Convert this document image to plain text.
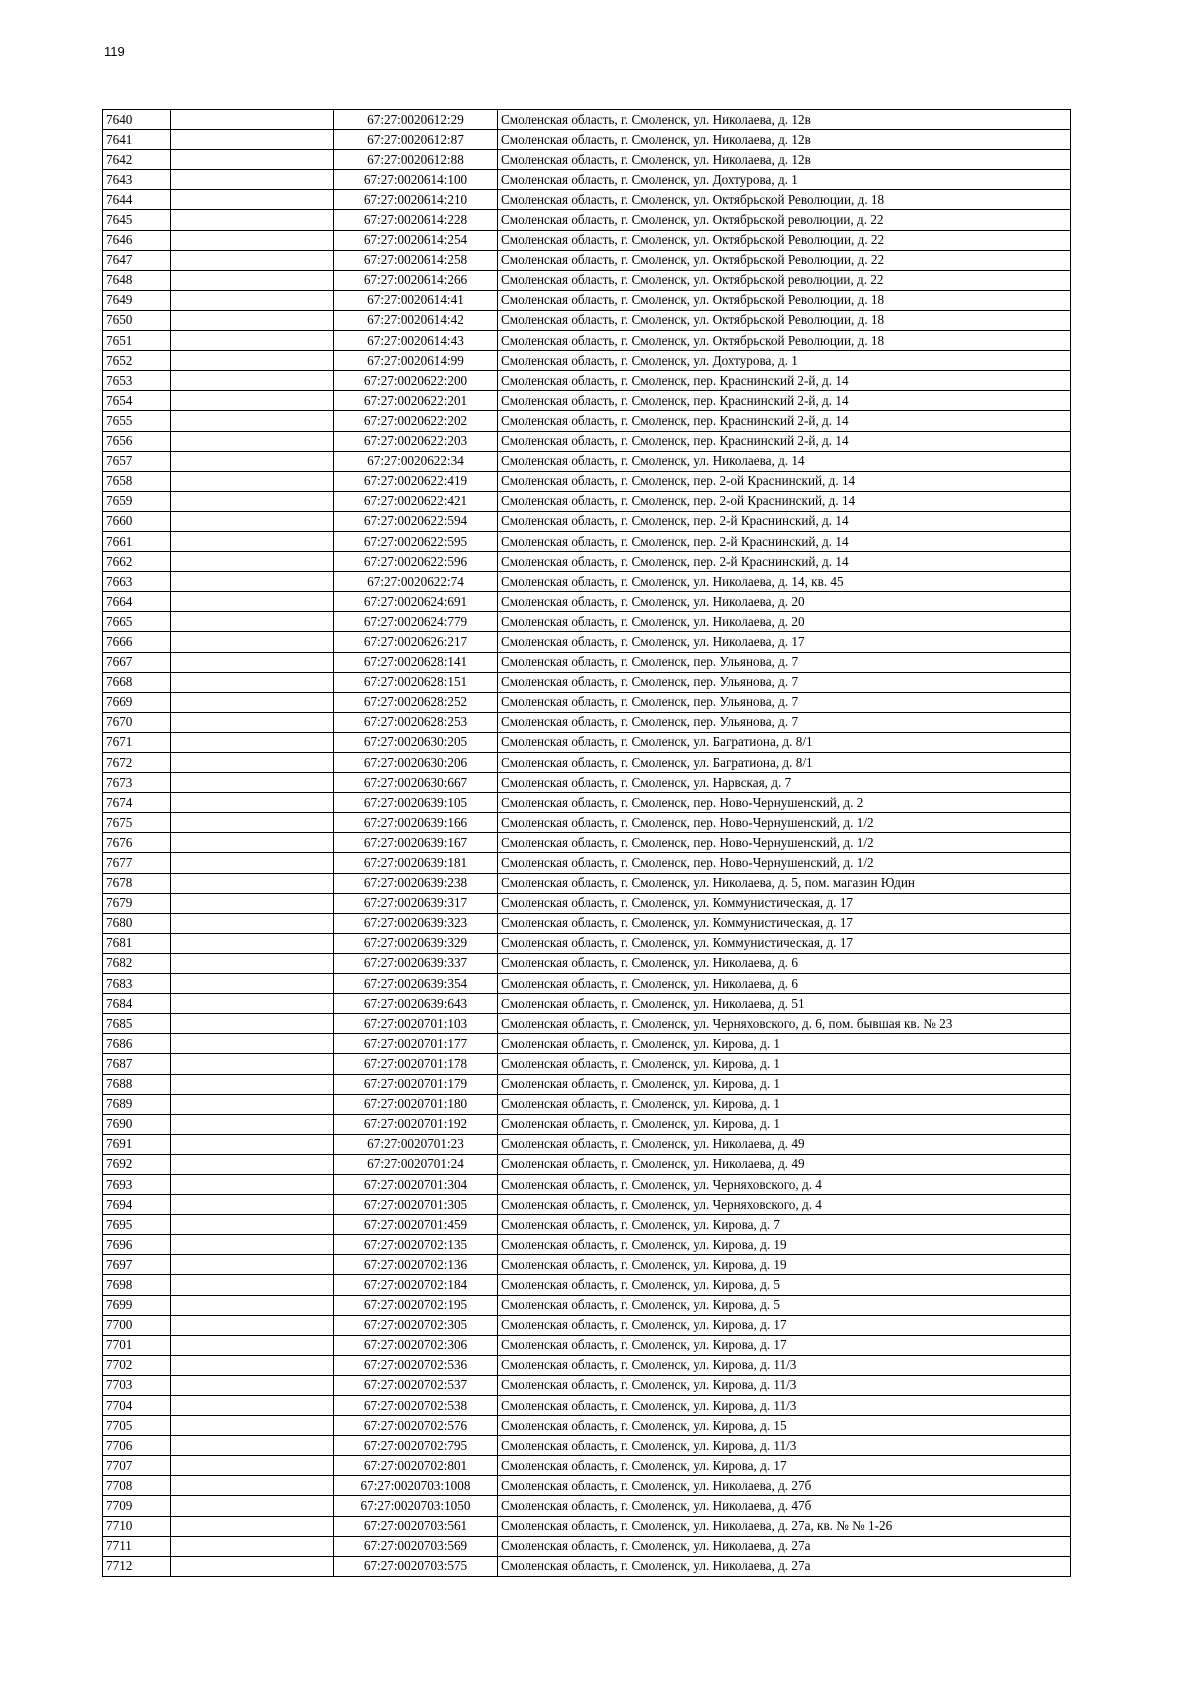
119
7640		67:27:0020612:29	Смоленская область, г. Смоленск, ул. Николаева, д. 12в
7641		67:27:0020612:87	Смоленская область, г. Смоленск, ул. Николаева, д. 12в
7642		67:27:0020612:88	Смоленская область, г. Смоленск, ул. Николаева, д. 12в
7643		67:27:0020614:100	Смоленская область, г. Смоленск, ул. Дохтурова, д. 1
7644		67:27:0020614:210	Смоленская область, г. Смоленск, ул. Октябрьской Революции, д. 18
7645		67:27:0020614:228	Смоленская область, г. Смоленск, ул. Октябрьской революции, д. 22
7646		67:27:0020614:254	Смоленская область, г. Смоленск, ул. Октябрьской Революции, д. 22
7647		67:27:0020614:258	Смоленская область, г. Смоленск, ул. Октябрьской Революции, д. 22
7648		67:27:0020614:266	Смоленская область, г. Смоленск, ул. Октябрьской революции, д. 22
7649		67:27:0020614:41	Смоленская область, г. Смоленск, ул. Октябрьской Революции, д. 18
7650		67:27:0020614:42	Смоленская область, г. Смоленск, ул. Октябрьской Революции, д. 18
7651		67:27:0020614:43	Смоленская область, г. Смоленск, ул. Октябрьской Революции, д. 18
7652		67:27:0020614:99	Смоленская область, г. Смоленск, ул. Дохтурова, д. 1
7653		67:27:0020622:200	Смоленская область, г. Смоленск, пер. Краснинский 2-й, д. 14
7654		67:27:0020622:201	Смоленская область, г. Смоленск, пер. Краснинский 2-й, д. 14
7655		67:27:0020622:202	Смоленская область, г. Смоленск, пер. Краснинский 2-й, д. 14
7656		67:27:0020622:203	Смоленская область, г. Смоленск, пер. Краснинский 2-й, д. 14
7657		67:27:0020622:34	Смоленская область, г. Смоленск, ул. Николаева, д. 14
7658		67:27:0020622:419	Смоленская область, г. Смоленск, пер. 2-ой Краснинский, д. 14
7659		67:27:0020622:421	Смоленская область, г. Смоленск, пер. 2-ой Краснинский, д. 14
7660		67:27:0020622:594	Смоленская область, г. Смоленск, пер. 2-й Краснинский, д. 14
7661		67:27:0020622:595	Смоленская область, г. Смоленск, пер. 2-й Краснинский, д. 14
7662		67:27:0020622:596	Смоленская область, г. Смоленск, пер. 2-й Краснинский, д. 14
7663		67:27:0020622:74	Смоленская область, г. Смоленск, ул. Николаева, д. 14, кв. 45
7664		67:27:0020624:691	Смоленская область, г. Смоленск, ул. Николаева, д. 20
7665		67:27:0020624:779	Смоленская область, г. Смоленск, ул. Николаева, д. 20
7666		67:27:0020626:217	Смоленская область, г. Смоленск, ул. Николаева, д. 17
7667		67:27:0020628:141	Смоленская область, г. Смоленск, пер. Ульянова, д. 7
7668		67:27:0020628:151	Смоленская область, г. Смоленск, пер. Ульянова, д. 7
7669		67:27:0020628:252	Смоленская область, г. Смоленск, пер. Ульянова, д. 7
7670		67:27:0020628:253	Смоленская область, г. Смоленск, пер. Ульянова, д. 7
7671		67:27:0020630:205	Смоленская область, г. Смоленск, ул. Багратиона, д. 8/1
7672		67:27:0020630:206	Смоленская область, г. Смоленск, ул. Багратиона, д. 8/1
7673		67:27:0020630:667	Смоленская область, г. Смоленск, ул. Нарвская, д. 7
7674		67:27:0020639:105	Смоленская область, г. Смоленск, пер. Ново-Чернушенский, д. 2
7675		67:27:0020639:166	Смоленская область, г. Смоленск, пер. Ново-Чернушенский, д. 1/2
7676		67:27:0020639:167	Смоленская область, г. Смоленск, пер. Ново-Чернушенский, д. 1/2
7677		67:27:0020639:181	Смоленская область, г. Смоленск, пер. Ново-Чернушенский, д. 1/2
7678		67:27:0020639:238	Смоленская область, г. Смоленск, ул. Николаева, д. 5, пом. магазин Юдин
7679		67:27:0020639:317	Смоленская область, г. Смоленск, ул. Коммунистическая, д. 17
7680		67:27:0020639:323	Смоленская область, г. Смоленск, ул. Коммунистическая, д. 17
7681		67:27:0020639:329	Смоленская область, г. Смоленск, ул. Коммунистическая, д. 17
7682		67:27:0020639:337	Смоленская область, г. Смоленск, ул. Николаева, д. 6
7683		67:27:0020639:354	Смоленская область, г. Смоленск, ул. Николаева, д. 6
7684		67:27:0020639:643	Смоленская область, г. Смоленск, ул. Николаева, д. 51
7685		67:27:0020701:103	Смоленская область, г. Смоленск, ул. Черняховского, д. 6, пом. бывшая кв. № 23
7686		67:27:0020701:177	Смоленская область, г. Смоленск, ул. Кирова, д. 1
7687		67:27:0020701:178	Смоленская область, г. Смоленск, ул. Кирова, д. 1
7688		67:27:0020701:179	Смоленская область, г. Смоленск, ул. Кирова, д. 1
7689		67:27:0020701:180	Смоленская область, г. Смоленск, ул. Кирова, д. 1
7690		67:27:0020701:192	Смоленская область, г. Смоленск, ул. Кирова, д. 1
7691		67:27:0020701:23	Смоленская область, г. Смоленск, ул. Николаева, д. 49
7692		67:27:0020701:24	Смоленская область, г. Смоленск, ул. Николаева, д. 49
7693		67:27:0020701:304	Смоленская область, г. Смоленск, ул. Черняховского, д. 4
7694		67:27:0020701:305	Смоленская область, г. Смоленск, ул. Черняховского, д. 4
7695		67:27:0020701:459	Смоленская область, г. Смоленск, ул. Кирова, д. 7
7696		67:27:0020702:135	Смоленская область, г. Смоленск, ул. Кирова, д. 19
7697		67:27:0020702:136	Смоленская область, г. Смоленск, ул. Кирова, д. 19
7698		67:27:0020702:184	Смоленская область, г. Смоленск, ул. Кирова, д. 5
7699		67:27:0020702:195	Смоленская область, г. Смоленск, ул. Кирова, д. 5
7700		67:27:0020702:305	Смоленская область, г. Смоленск, ул. Кирова, д. 17
7701		67:27:0020702:306	Смоленская область, г. Смоленск, ул. Кирова, д. 17
7702		67:27:0020702:536	Смоленская область, г. Смоленск, ул. Кирова, д. 11/3
7703		67:27:0020702:537	Смоленская область, г. Смоленск, ул. Кирова, д. 11/3
7704		67:27:0020702:538	Смоленская область, г. Смоленск, ул. Кирова, д. 11/3
7705		67:27:0020702:576	Смоленская область, г. Смоленск, ул. Кирова, д. 15
7706		67:27:0020702:795	Смоленская область, г. Смоленск, ул. Кирова, д. 11/3
7707		67:27:0020702:801	Смоленская область, г. Смоленск, ул. Кирова, д. 17
7708		67:27:0020703:1008	Смоленская область, г. Смоленск, ул. Николаева, д. 27б
7709		67:27:0020703:1050	Смоленская область, г. Смоленск, ул. Николаева, д. 47б
7710		67:27:0020703:561	Смоленская область, г. Смоленск, ул. Николаева, д. 27а, кв. № № 1-26
7711		67:27:0020703:569	Смоленская область, г. Смоленск, ул. Николаева, д. 27а
7712		67:27:0020703:575	Смоленская область, г. Смоленск, ул. Николаева, д. 27а
